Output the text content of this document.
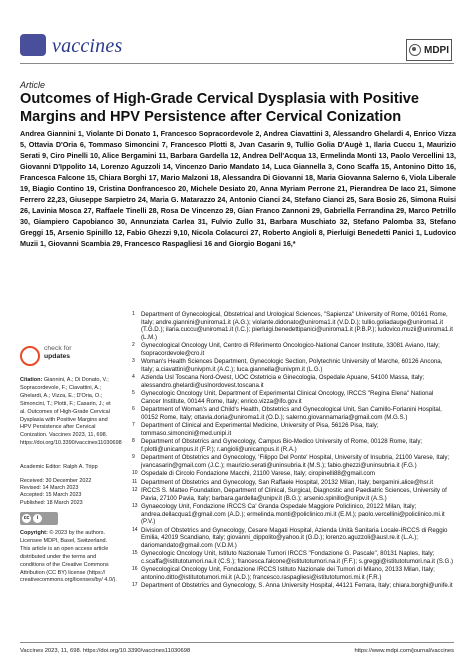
vaccines	MDPI
Article
Outcomes of High-Grade Cervical Dysplasia with Positive Margins and HPV Persistence after Cervical Conization
Andrea Giannini 1, Violante Di Donato 1, Francesco Sopracordevole 2, Andrea Ciavattini 3, Alessandro Ghelardi 4, Enrico Vizza 5, Ottavia D'Oria 6, Tommaso Simoncini 7, Francesco Plotti 8, Jvan Casarin 9, Tullio Golia D'Augè 1, Ilaria Cuccu 1, Maurizio Serati 9, Ciro Pinelli 10, Alice Bergamini 11, Barbara Gardella 12, Andrea Dell'Acqua 13, Ermelinda Monti 13, Paolo Vercellini 13, Giovanni D'Ippolito 14, Lorenzo Aguzzoli 14, Vincenzo Dario Mandato 14, Luca Giannella 3, Cono Scaffa 15, Antonino Ditto 16, Francesca Falcone 15, Chiara Borghi 17, Mario Malzoni 18, Alessandra Di Giovanni 18, Maria Giovanna Salerno 6, Viola Liberale 19, Biagio Contino 19, Cristina Donfrancesco 20, Michele Desiato 20, Anna Myriam Perrone 21, Pierandrea De Iaco 21, Simone Ferrero 22,23, Giuseppe Sarpietro 24, Maria G. Matarazzo 24, Antonio Cianci 24, Stefano Cianci 25, Sara Bosio 26, Simona Ruisi 26, Lavinia Mosca 27, Raffaele Tinelli 28, Rosa De Vincenzo 29, Gian Franco Zannoni 29, Gabriella Ferrandina 29, Marco Petrillo 30, Giampiero Capobianco 30, Annunziata Carlea 31, Fulvio Zullo 31, Barbara Muschiato 32, Stefano Palomba 33, Stefano Greggi 15, Arsenio Spinillo 12, Fabio Ghezzi 9,10, Nicola Colacurci 27, Roberto Angioli 8, Pierluigi Benedetti Panici 1, Ludovico Muzii 1, Giovanni Scambia 29, Francesco Raspagliesi 16 and Giorgio Bogani 16,*
check for
updates
Citation: Giannini, A.; Di Donato, V.; Sopracordevole, F.; Ciavattini, A.; Ghelardi, A.; Vizza, E.; D'Oria, O.; Simoncini, T.; Plotti, F.; Casarin, J.; et al. Outcomes of High-Grade Cervical Dysplasia with Positive Margins and HPV Persistence after Cervical Conization. Vaccines 2023, 11, 698. https://doi.org/10.3390/vaccines11030698
Academic Editor: Ralph A. Tripp
Received: 30 December 2022
Revised: 14 March 2023
Accepted: 15 March 2023
Published: 18 March 2023
cc	i
Copyright: © 2023 by the authors. Licensee MDPI, Basel, Switzerland. This article is an open access article distributed under the terms and conditions of the Creative Commons Attribution (CC BY) license (https:// creativecommons.org/licenses/by/ 4.0/).
1	Department of Gynecological, Obstetrical and Urological Sciences, "Sapienza" University of Rome, 00161 Rome, Italy; andre.giannini@uniroma1.it (A.G.); violante.didonato@uniroma1.it (V.D.D.); tullio.goliadauge@uniroma1.it (T.G.D.); ilaria.cuccu@uniroma1.it (I.C.); pierluigi.benedettipanici@uniroma1.it (P.B.P.); ludovico.muzii@uniroma1.it (L.M.)
2	Gynecological Oncology Unit, Centro di Riferimento Oncologico-National Cancer Institute, 33081 Aviano, Italy; fsopracordevole@cro.it
3	Woman's Health Sciences Department, Gynecologic Section, Polytechnic University of Marche, 60126 Ancona, Italy; a.ciavattini@univpm.it (A.C.); luca.giannella@univpm.it (L.G.)
4	Azienda Usl Toscana Nord-Ovest, UOC Ostetricia e Ginecologia, Ospedale Apuane, 54100 Massa, Italy; alessandro.ghelardi@uslnordovest.toscana.it
5	Gynecologic Oncology Unit, Department of Experimental Clinical Oncology, IRCCS "Regina Elena" National Cancer Institute, 00144 Rome, Italy; enrico.vizza@ifo.gov.it
6	Department of Woman's and Child's Health, Obstetrics and Gynecological Unit, San Camillo-Forlanini Hospital, 00152 Rome, Italy; ottavia.doria@uniroma1.it (O.D.); salerno.giovannamaria@gmail.com (M.G.S.)
7	Department of Clinical and Experimental Medicine, University of Pisa, 56126 Pisa, Italy; tommaso.simoncini@med.unipi.it
8	Department of Obstetrics and Gynecology, Campus Bio-Medico University of Rome, 00128 Rome, Italy; f.plotti@unicampus.it (F.P.); r.angioli@unicampus.it (R.A.)
9	Department of Obstetrics and Gynecology, 'Filippo Del Ponte' Hospital, University of Insubria, 21100 Varese, Italy; jvancasarin@gmail.com (J.C.); maurizio.serati@uninsubria.it (M.S.); fabio.ghezzi@uninsubria.it (F.G.)
10 Ospedale di Circolo Fondazione Macchi, 21100 Varese, Italy; ciropinelli88@gmail.com
11 Department of Obstetrics and Gynecology, San Raffaele Hospital, 20132 Milan, Italy; bergamini.alice@hsr.it
12 IRCCS S. Matteo Foundation, Department of Clinical, Surgical, Diagnostic and Paediatric Sciences, University of Pavia, 27100 Pavia, Italy; barbara.gardella@unipv.it (B.G.); arsenio.spinillo@unipv.it (A.S.)
13 Gynaecology Unit, Fondazione IRCCS Ca' Granda Ospedale Maggiore Policlinico, 20122 Milan, Italy; andrea.dellacqua1@gmail.com (A.D.); ermelinda.monti@policlinico.mi.it (E.M.); paolo.vercellini@policlinico.mi.it (P.V.)
14 Division of Obstetrics and Gynecology, Cesare Magati Hospital, Azienda Unità Sanitaria Locale-IRCCS di Reggio Emilia, 42019 Scandiano, Italy; giovanni_dippolito@yahoo.it (G.D.); lorenzo.aguzzoli@ausl.re.it (L.A.); dariomandato@gmail.com (V.D.M.)
15 Gynecologic Oncology Unit, Istituto Nazionale Tumori IRCCS "Fondazione G. Pascale", 80131 Naples, Italy; c.scaffa@istitutotumori.na.it (C.S.); francesca.falcone@istitutotumori.na.it (F.F.); s.greggi@istitutotumori.na.it (S.G.)
16 Gynecological Oncology Unit, Fondazione IRCCS Istituto Nazionale dei Tumori di Milano, 20133 Milan, Italy; antonino.ditto@istitutotumori.mi.it (A.D.); francesco.raspagliesi@istitutotumori.mi.it (F.R.)
17 Department of Obstetrics and Gynecology, S. Anna University Hospital, 44121 Ferrara, Italy; chiara.borghi@unife.it
Vaccines 2023, 11, 698. https://doi.org/10.3390/vaccines11030698	https://www.mdpi.com/journal/vaccines
